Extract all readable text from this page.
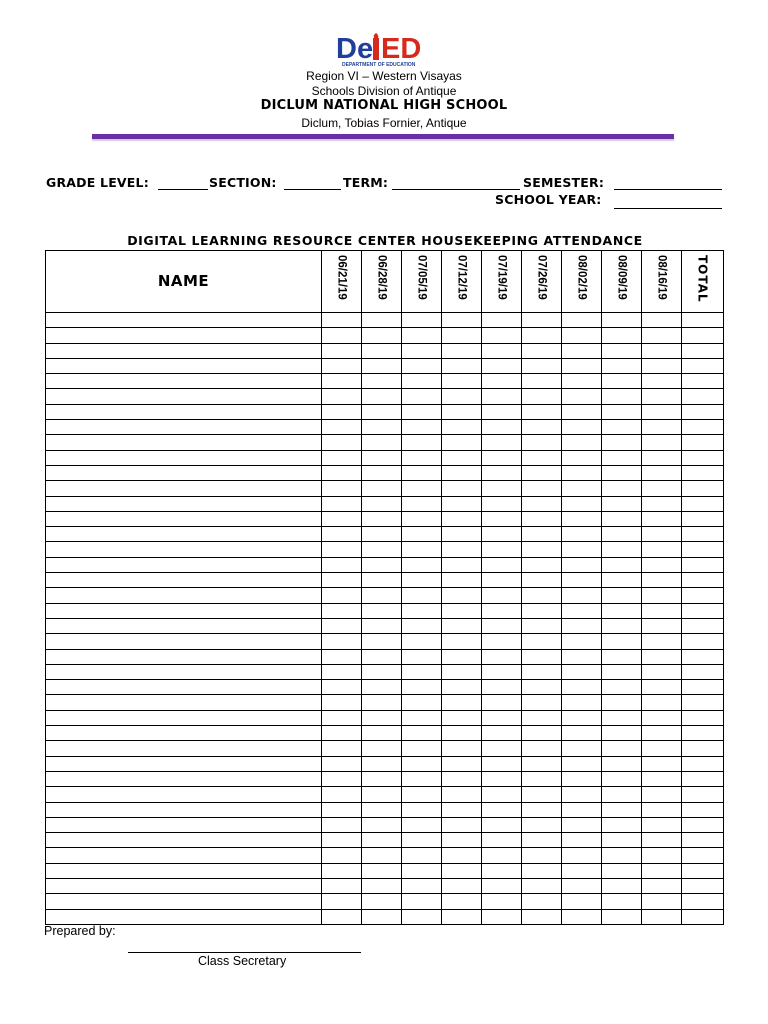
De ED
DEPARTMENT OF EDUCATION
Region VI – Western Visayas
Schools Division of Antique
DICLUM NATIONAL HIGH SCHOOL
Diclum, Tobias Fornier, Antique
GRADE LEVEL:	SECTION:	TERM:	SEMESTER:
SCHOOL YEAR:
DIGITAL LEARNING RESOURCE CENTER HOUSEKEEPING ATTENDANCE
NAME	06/21/19	06/28/19	07/05/19	07/12/19	07/19/19	07/26/19	08/02/19	08/09/19	08/16/19	TOTAL

Prepared by:
Class Secretary
